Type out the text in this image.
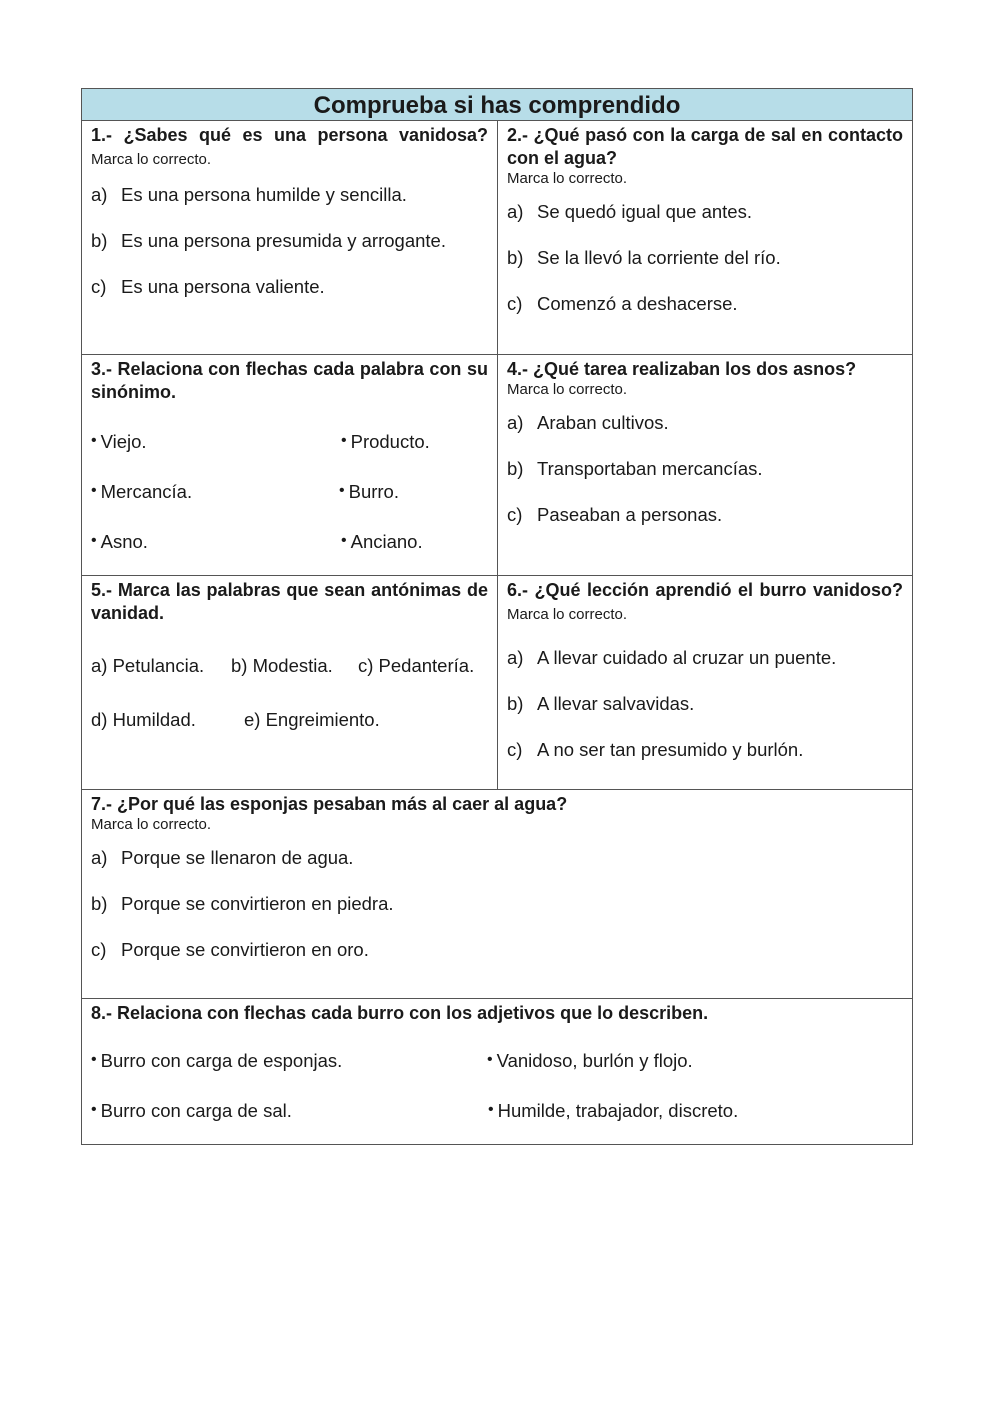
Comprueba si has comprendido

1.- ¿Sabes qué es una persona vanidosa? Marca lo correcto.

a) Es una persona humilde y sencilla.

b) Es una persona presumida y arrogante.

c) Es una persona valiente.

2.- ¿Qué pasó con la carga de sal en contacto con el agua?

Marca lo correcto.

a) Se quedó igual que antes.

b) Se la llevó la corriente del río.

c) Comenzó a deshacerse.

3.- Relaciona con flechas cada palabra con su sinónimo.

• Viejo.
• Mercancía.
• Asno.
• Producto.
• Burro.
• Anciano.

4.- ¿Qué tarea realizaban los dos asnos?

Marca lo correcto.

a) Araban cultivos.

b) Transportaban mercancías.

c) Paseaban a personas.

5.- Marca las palabras que sean antónimas de vanidad.

a) Petulancia. b) Modestia. c) Pedantería.
d) Humildad.	e) Engreimiento.

6.- ¿Qué lección aprendió el burro vanidoso? Marca lo correcto.

a) A llevar cuidado al cruzar un puente.

b) A llevar salvavidas.

c) A no ser tan presumido y burlón.

7.- ¿Por qué las esponjas pesaban más al caer al agua?

Marca lo correcto.

a) Porque se llenaron de agua.

b) Porque se convirtieron en piedra.

c) Porque se convirtieron en oro.

8.- Relaciona con flechas cada burro con los adjetivos que lo describen.

• Burro con carga de esponjas.
• Burro con carga de sal.
• Vanidoso, burlón y flojo.
• Humilde, trabajador, discreto.
